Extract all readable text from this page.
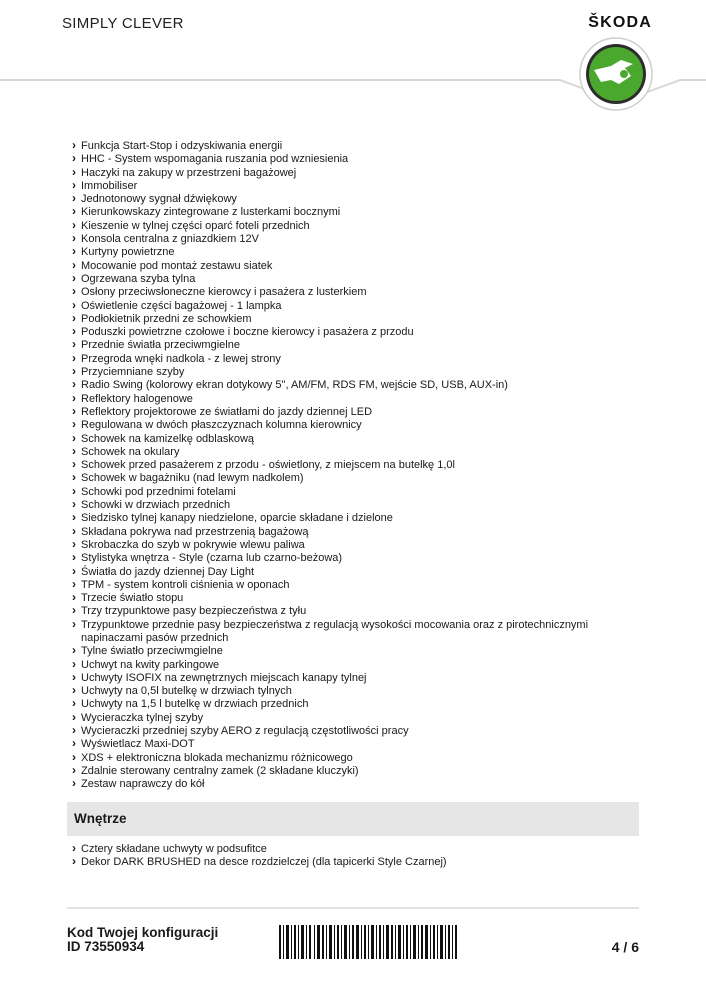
SIMPLY CLEVER	ŠKODA
› Funkcja Start-Stop i odzyskiwania energii
› HHC - System wspomagania ruszania pod wzniesienia
› Haczyki na zakupy w przestrzeni bagażowej
› Immobiliser
› Jednotonowy sygnał dźwiękowy
› Kierunkowskazy zintegrowane z lusterkami bocznymi
› Kieszenie w tylnej części oparć foteli przednich
› Konsola centralna z gniazdkiem 12V
› Kurtyny powietrzne
› Mocowanie pod montaż zestawu siatek
› Ogrzewana szyba tylna
› Osłony przeciwsłoneczne kierowcy i pasażera z lusterkiem
› Oświetlenie części bagażowej - 1 lampka
› Podłokietnik przedni ze schowkiem
› Poduszki powietrzne czołowe i boczne kierowcy i pasażera z przodu
› Przednie światła przeciwmgielne
› Przegroda wnęki nadkola - z lewej strony
› Przyciemniane szyby
› Radio Swing (kolorowy ekran dotykowy 5", AM/FM, RDS FM, wejście SD, USB, AUX-in)
› Reflektory halogenowe
› Reflektory projektorowe ze światłami do jazdy dziennej LED
› Regulowana w dwóch płaszczyznach kolumna kierownicy
› Schowek na kamizelkę odblaskową
› Schowek na okulary
› Schowek przed pasażerem z przodu - oświetlony, z miejscem na butelkę 1,0l
› Schowek w bagażniku (nad lewym nadkolem)
› Schowki pod przednimi fotelami
› Schowki w drzwiach przednich
› Siedzisko tylnej kanapy niedzielone, oparcie składane i dzielone
› Składana pokrywa nad przestrzenią bagażową
› Skrobaczka do szyb w pokrywie wlewu paliwa
› Stylistyka wnętrza - Style (czarna lub czarno-beżowa)
› Światła do jazdy dziennej Day Light
› TPM - system kontroli ciśnienia w oponach
› Trzecie światło stopu
› Trzy trzypunktowe pasy bezpieczeństwa z tyłu
› Trzypunktowe przednie pasy bezpieczeństwa z regulacją wysokości mocowania oraz z pirotechnicznymi napinaczami pasów przednich
› Tylne światło przeciwmgielne
› Uchwyt na kwity parkingowe
› Uchwyty ISOFIX na zewnętrznych miejscach kanapy tylnej
› Uchwyty na 0,5l butelkę w drzwiach tylnych
› Uchwyty na 1,5 l butelkę w drzwiach przednich
› Wycieraczka tylnej szyby
› Wycieraczki przedniej szyby AERO z regulacją częstotliwości pracy
› Wyświetlacz Maxi-DOT
› XDS + elektroniczna blokada mechanizmu różnicowego
› Zdalnie sterowany centralny zamek (2 składane kluczyki)
› Zestaw naprawczy do kół
Wnętrze
› Cztery składane uchwyty w podsufitce
› Dekor DARK BRUSHED na desce rozdzielczej (dla tapicerki Style Czarnej)
Kod Twojej konfiguracji
ID 73550934	4 / 6
